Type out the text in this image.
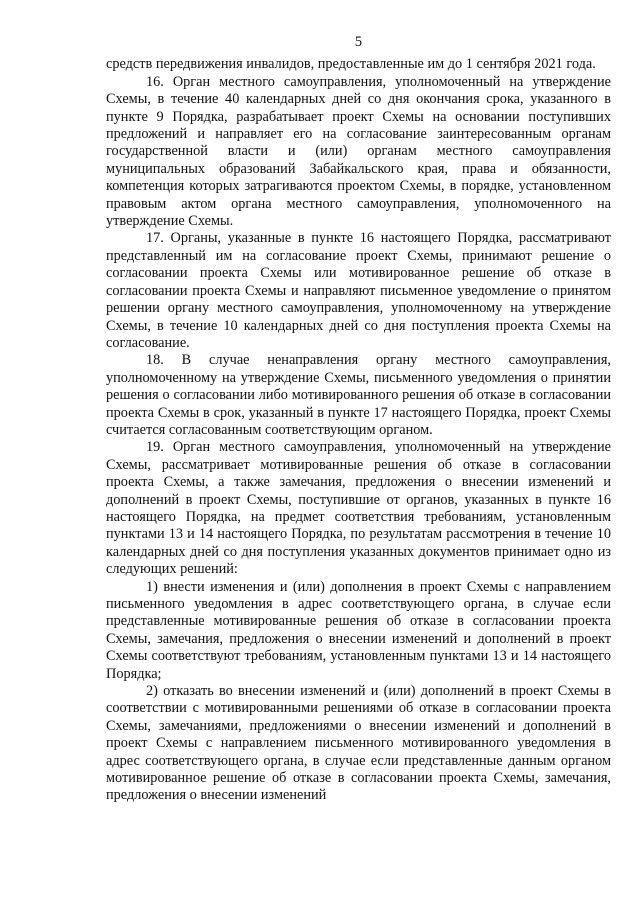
5

средств передвижения инвалидов, предоставленные им до 1 сентября 2021 года.

16. Орган местного самоуправления, уполномоченный на утверждение Схемы, в течение 40 календарных дней со дня окончания срока, указанного в пункте 9 Порядка, разрабатывает проект Схемы на основании поступивших предложений и направляет его на согласование заинтересованным органам государственной власти и (или) органам местного самоуправления муниципальных образований Забайкальского края, права и обязанности, компетенция которых затрагиваются проектом Схемы, в порядке, установленном правовым актом органа местного самоуправления, уполномоченного на утверждение Схемы.

17. Органы, указанные в пункте 16 настоящего Порядка, рассматривают представленный им на согласование проект Схемы, принимают решение о согласовании проекта Схемы или мотивированное решение об отказе в согласовании проекта Схемы и направляют письменное уведомление о принятом решении органу местного самоуправления, уполномоченному на утверждение Схемы, в течение 10 календарных дней со дня поступления проекта Схемы на согласование.

18. В случае ненаправления органу местного самоуправления, уполномоченному на утверждение Схемы, письменного уведомления о принятии решения о согласовании либо мотивированного решения об отказе в согласовании проекта Схемы в срок, указанный в пункте 17 настоящего Порядка, проект Схемы считается согласованным соответствующим органом.

19. Орган местного самоуправления, уполномоченный на утверждение Схемы, рассматривает мотивированные решения об отказе в согласовании проекта Схемы, а также замечания, предложения о внесении изменений и дополнений в проект Схемы, поступившие от органов, указанных в пункте 16 настоящего Порядка, на предмет соответствия требованиям, установленным пунктами 13 и 14 настоящего Порядка, по результатам рассмотрения в течение 10 календарных дней со дня поступления указанных документов принимает одно из следующих решений:

1) внести изменения и (или) дополнения в проект Схемы с направлением письменного уведомления в адрес соответствующего органа, в случае если представленные мотивированные решения об отказе в согласовании проекта Схемы, замечания, предложения о внесении изменений и дополнений в проект Схемы соответствуют требованиям, установленным пунктами 13 и 14 настоящего Порядка;

2) отказать во внесении изменений и (или) дополнений в проект Схемы в соответствии с мотивированными решениями об отказе в согласовании проекта Схемы, замечаниями, предложениями о внесении изменений и дополнений в проект Схемы с направлением письменного мотивированного уведомления в адрес соответствующего органа, в случае если представленные данным органом мотивированное решение об отказе в согласовании проекта Схемы, замечания, предложения о внесении изменений
